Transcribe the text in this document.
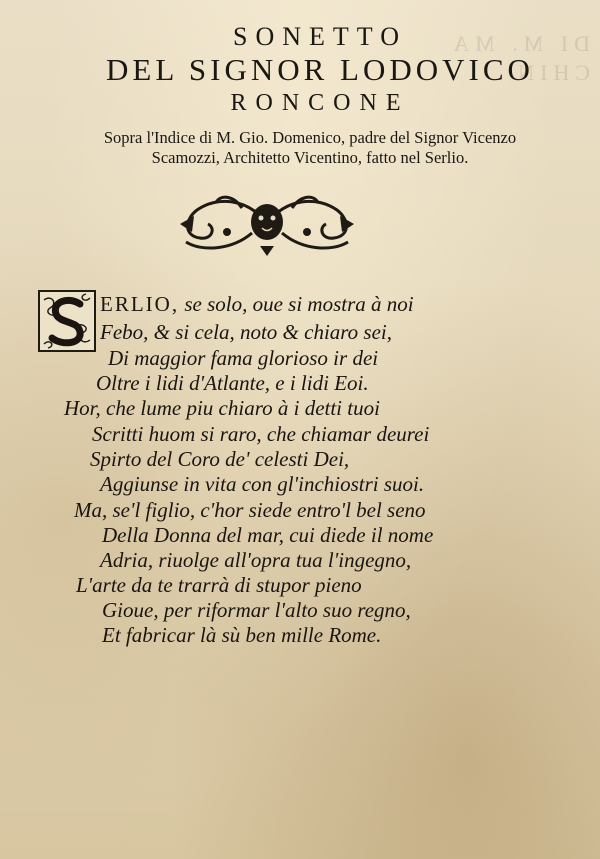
DI M. MA CHIN

SONETTO
DEL SIGNOR LODOVICO
RONCONE
Sopra l'Indice di M. Gio. Domenico, padre del Signor Vicenzo
Scamozzi, Architetto Vicentino, fatto nel Serlio.
ERLIO, se solo, oue si mostra à noi
Febo, & si cela, noto & chiaro sei,
Di maggior fama glorioso ir dei
Oltre i lidi d'Atlante, e i lidi Eoi.
Hor, che lume piu chiaro à i detti tuoi
Scritti huom si raro, che chiamar deurei
Spirto del Coro de' celesti Dei,
Aggiunse in vita con gl'inchiostri suoi.
Ma, se'l figlio, c'hor siede entro'l bel seno
Della Donna del mar, cui diede il nome
Adria, riuolge all'opra tua l'ingegno,
L'arte da te trarrà di stupor pieno
Gioue, per riformar l'alto suo regno,
Et fabricar là sù ben mille Rome.
